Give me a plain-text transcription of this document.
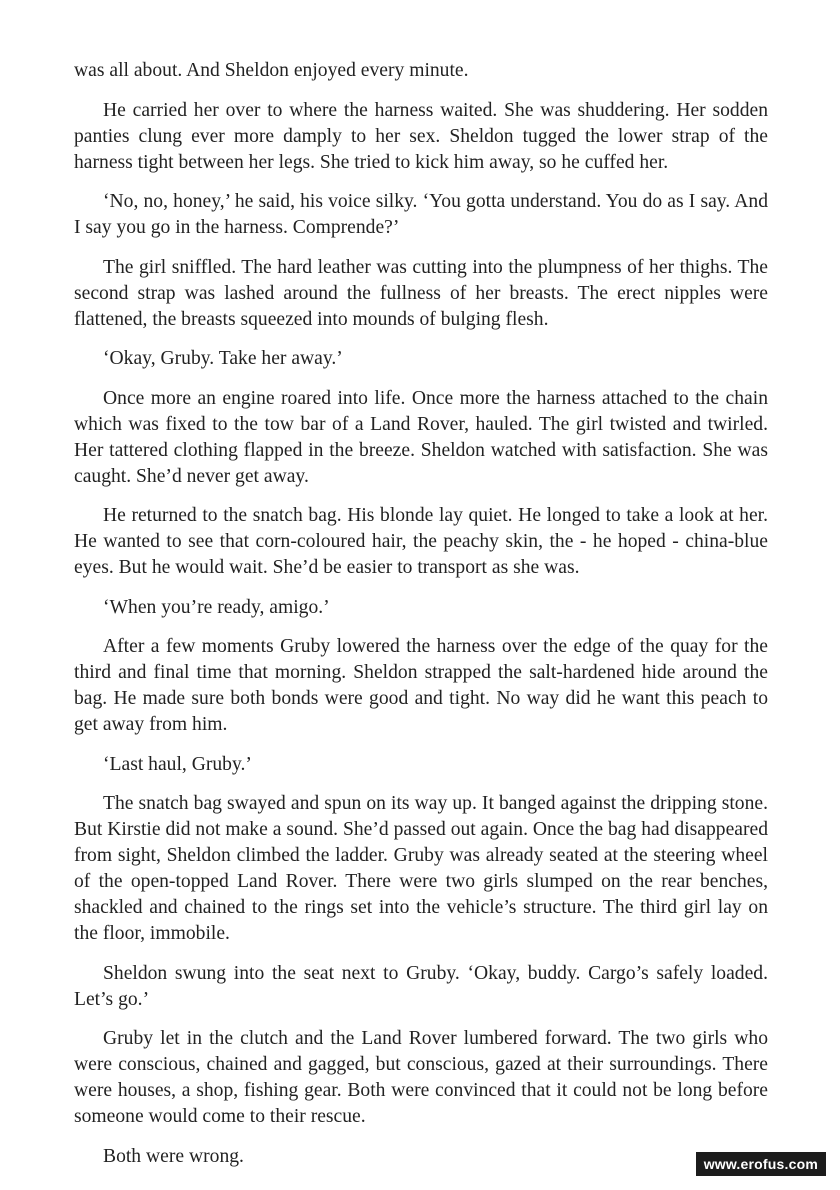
was all about. And Sheldon enjoyed every minute.

He carried her over to where the harness waited. She was shuddering. Her sodden panties clung ever more damply to her sex. Sheldon tugged the lower strap of the harness tight between her legs. She tried to kick him away, so he cuffed her.

‘No, no, honey,’ he said, his voice silky. ‘You gotta understand. You do as I say. And I say you go in the harness. Comprende?’

The girl sniffled. The hard leather was cutting into the plumpness of her thighs. The second strap was lashed around the fullness of her breasts. The erect nipples were flattened, the breasts squeezed into mounds of bulging flesh.

‘Okay, Gruby. Take her away.’

Once more an engine roared into life. Once more the harness attached to the chain which was fixed to the tow bar of a Land Rover, hauled. The girl twisted and twirled. Her tattered clothing flapped in the breeze. Sheldon watched with satisfaction. She was caught. She’d never get away.

He returned to the snatch bag. His blonde lay quiet. He longed to take a look at her. He wanted to see that corn-coloured hair, the peachy skin, the - he hoped - china-blue eyes. But he would wait. She’d be easier to transport as she was.

‘When you’re ready, amigo.’

After a few moments Gruby lowered the harness over the edge of the quay for the third and final time that morning. Sheldon strapped the salt-hardened hide around the bag. He made sure both bonds were good and tight. No way did he want this peach to get away from him.

‘Last haul, Gruby.’

The snatch bag swayed and spun on its way up. It banged against the dripping stone. But Kirstie did not make a sound. She’d passed out again. Once the bag had disappeared from sight, Sheldon climbed the ladder. Gruby was already seated at the steering wheel of the open-topped Land Rover. There were two girls slumped on the rear benches, shackled and chained to the rings set into the vehicle’s structure. The third girl lay on the floor, immobile.

Sheldon swung into the seat next to Gruby. ‘Okay, buddy. Cargo’s safely loaded. Let’s go.’

Gruby let in the clutch and the Land Rover lumbered forward. The two girls who were conscious, chained and gagged, but conscious, gazed at their surroundings. There were houses, a shop, fishing gear. Both were convinced that it could not be long before someone would come to their rescue.

Both were wrong.	www.erofus.com
